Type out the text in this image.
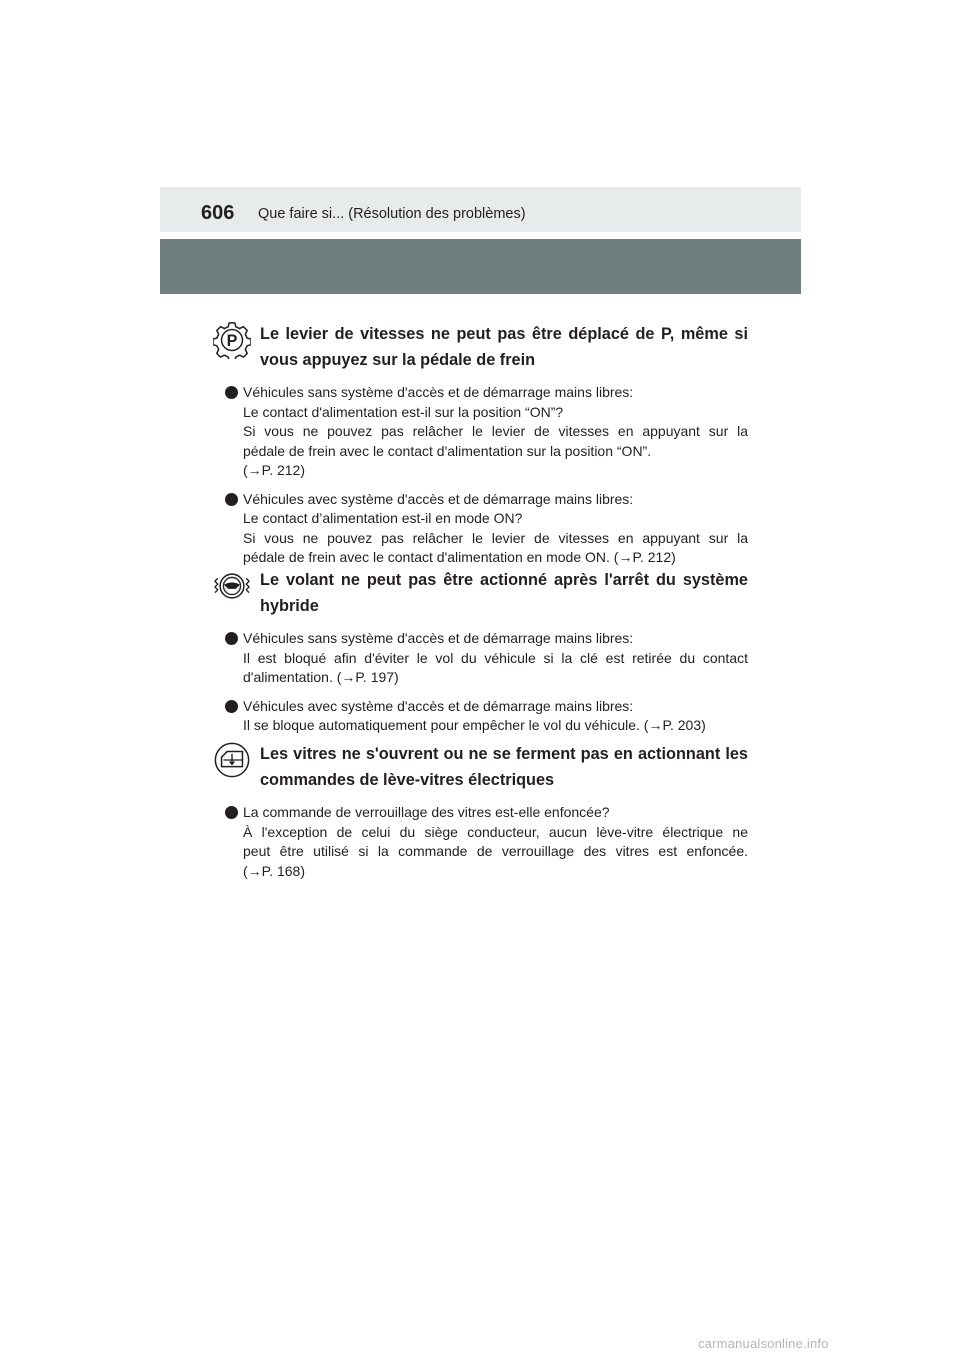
606 Que faire si... (Résolution des problèmes)
P Le levier de vitesses ne peut pas être déplacé de P, même si vous appuyez sur la pédale de frein
Véhicules sans système d'accès et de démarrage mains libres:
Le contact d'alimentation est-il sur la position “ON”?
Si vous ne pouvez pas relâcher le levier de vitesses en appuyant sur la
pédale de frein avec le contact d'alimentation sur la position “ON”.
(→P. 212)
Véhicules avec système d'accès et de démarrage mains libres:
Le contact d’alimentation est-il en mode ON?
Si vous ne pouvez pas relâcher le levier de vitesses en appuyant sur la
pédale de frein avec le contact d'alimentation en mode ON. (→P. 212)
Le volant ne peut pas être actionné après l'arrêt du système hybride
Véhicules sans système d'accès et de démarrage mains libres:
Il est bloqué afin d'éviter le vol du véhicule si la clé est retirée du contact
d'alimentation. (→P. 197)
Véhicules avec système d'accès et de démarrage mains libres:
Il se bloque automatiquement pour empêcher le vol du véhicule. (→P. 203)
Les vitres ne s'ouvrent ou ne se ferment pas en actionnant les commandes de lève-vitres électriques
La commande de verrouillage des vitres est-elle enfoncée?
À l'exception de celui du siège conducteur, aucun lève-vitre électrique ne
peut être utilisé si la commande de verrouillage des vitres est enfoncée.
(→P. 168)
carmanualsonline.info
